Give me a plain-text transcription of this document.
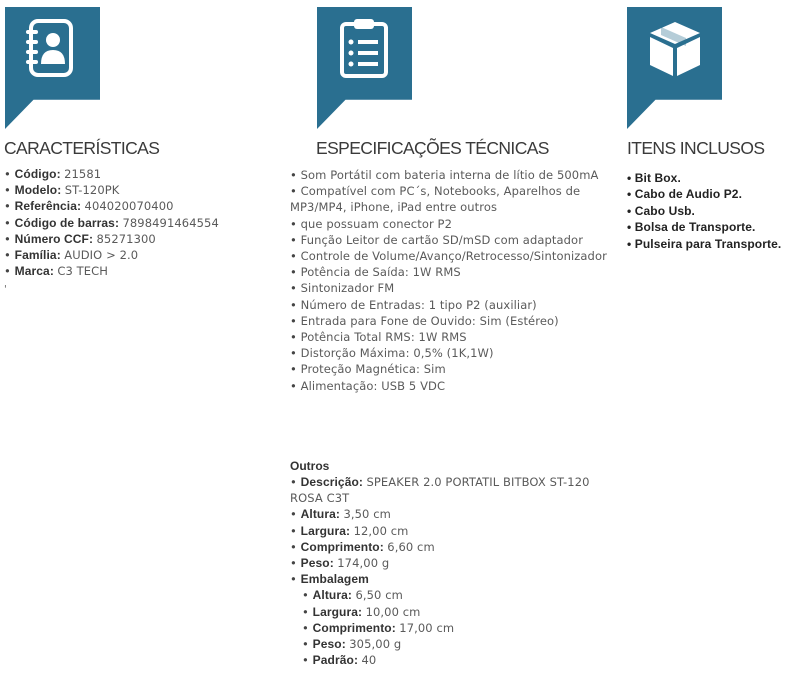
CARACTERÍSTICAS
• Código: 21581
• Modelo: ST-120PK
• Referência: 404020070400
• Código de barras: 7898491464554
• Número CCF: 85271300
• Família: AUDIO > 2.0
• Marca: C3 TECH
'
ESPECIFICAÇÕES TÉCNICAS
• Som Portátil com bateria interna de lítio de 500mA
• Compatível com PC´s, Notebooks, Aparelhos de MP3/MP4, iPhone, iPad entre outros
• que possuam conector P2
• Função Leitor de cartão SD/mSD com adaptador
• Controle de Volume/Avanço/Retrocesso/Sintonizador
• Potência de Saída: 1W RMS
• Sintonizador FM
• Número de Entradas: 1 tipo P2 (auxiliar)
• Entrada para Fone de Ouvido: Sim (Estéreo)
• Potência Total RMS: 1W RMS
• Distorção Máxima: 0,5% (1K,1W)
• Proteção Magnética: Sim
• Alimentação: USB 5 VDC
Outros
• Descrição: SPEAKER 2.0 PORTATIL BITBOX ST-120 ROSA C3T
• Altura: 3,50 cm
• Largura: 12,00 cm
• Comprimento: 6,60 cm
• Peso: 174,00 g
• Embalagem
• Altura: 6,50 cm
• Largura: 10,00 cm
• Comprimento: 17,00 cm
• Peso: 305,00 g
• Padrão: 40
ITENS INCLUSOS
• Bit Box.
• Cabo de Audio P2.
• Cabo Usb.
• Bolsa de Transporte.
• Pulseira para Transporte.
